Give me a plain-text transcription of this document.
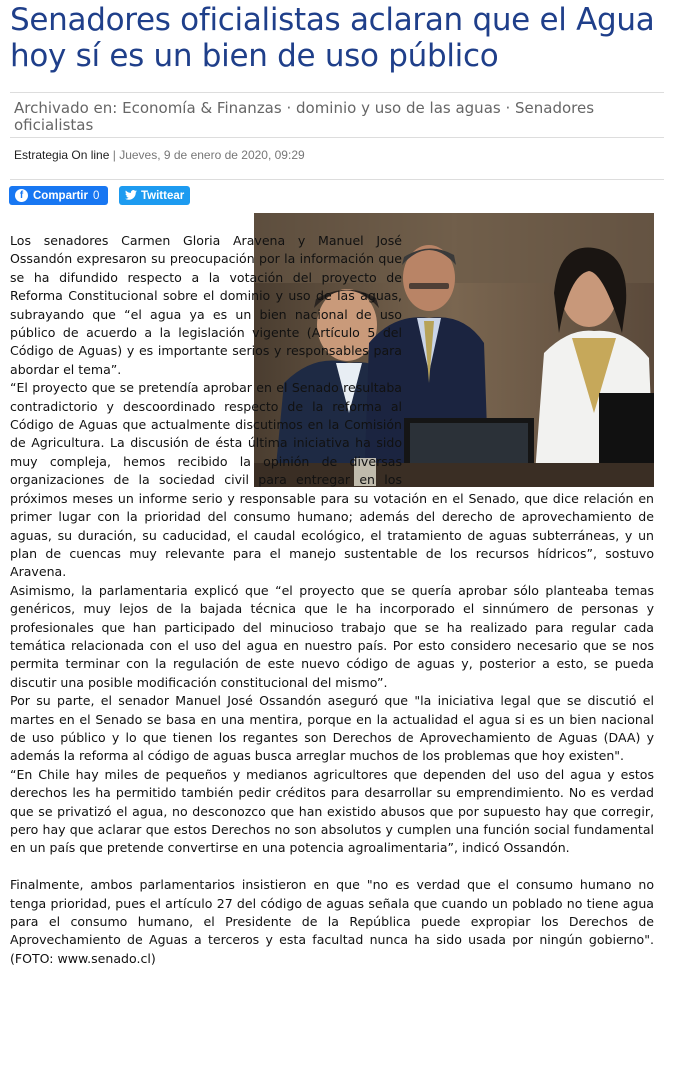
Senadores oficialistas aclaran que el Agua hoy sí es un bien de uso público
Archivado en: Economía & Finanzas · dominio y uso de las aguas · Senadores oficialistas
Estrategia On line | Jueves, 9 de enero de 2020, 09:29
f Compartir 0	Twittear

Los senadores Carmen Gloria Aravena y Manuel José Ossandón expresaron su preocupación por la información que se ha difundido respecto a la votación del proyecto de Reforma Constitucional sobre el dominio y uso de las aguas, subrayando que “el agua ya es un bien nacional de uso público de acuerdo a la legislación vigente (Artículo 5 del Código de Aguas) y es importante serios y responsables para abordar el tema”.

“El proyecto que se pretendía aprobar en el Senado resultaba contradictorio y descoordinado respecto de la reforma al Código de Aguas que actualmente discutimos en la Comisión de Agricultura. La discusión de ésta última iniciativa ha sido muy compleja, hemos recibido la opinión de diversas organizaciones de la sociedad civil para entregar en los próximos meses un informe serio y responsable para su votación en el Senado, que dice relación en primer lugar con la prioridad del consumo humano; además del derecho de aprovechamiento de aguas, su duración, su caducidad, el caudal ecológico, el tratamiento de aguas subterráneas, y un plan de cuencas muy relevante para el manejo sustentable de los recursos hídricos”, sostuvo Aravena.

Asimismo, la parlamentaria explicó que “el proyecto que se quería aprobar sólo planteaba temas genéricos, muy lejos de la bajada técnica que le ha incorporado el sinnúmero de personas y profesionales que han participado del minucioso trabajo que se ha realizado para regular cada temática relacionada con el uso del agua en nuestro país. Por esto considero necesario que se nos permita terminar con la regulación de este nuevo código de aguas y, posterior a esto, se pueda discutir una posible modificación constitucional del mismo”.

Por su parte, el senador Manuel José Ossandón aseguró que "la iniciativa legal que se discutió el martes en el Senado se basa en una mentira, porque en la actualidad el agua si es un bien nacional de uso público y lo que tienen los regantes son Derechos de Aprovechamiento de Aguas (DAA) y además la reforma al código de aguas busca arreglar muchos de los problemas que hoy existen".

“En Chile hay miles de pequeños y medianos agricultores que dependen del uso del agua y estos derechos les ha permitido también pedir créditos para desarrollar su emprendimiento. No es verdad que se privatizó el agua, no desconozco que han existido abusos que por supuesto hay que corregir, pero hay que aclarar que estos Derechos no son absolutos y cumplen una función social fundamental en un país que pretende convertirse en una potencia agroalimentaria”, indicó Ossandón.

Finalmente, ambos parlamentarios insistieron en que "no es verdad que el consumo humano no tenga prioridad, pues el artículo 27 del código de aguas señala que cuando un poblado no tiene agua para el consumo humano, el Presidente de la República puede expropiar los Derechos de Aprovechamiento de Aguas a terceros y esta facultad nunca ha sido usada por ningún gobierno". (FOTO: www.senado.cl)
